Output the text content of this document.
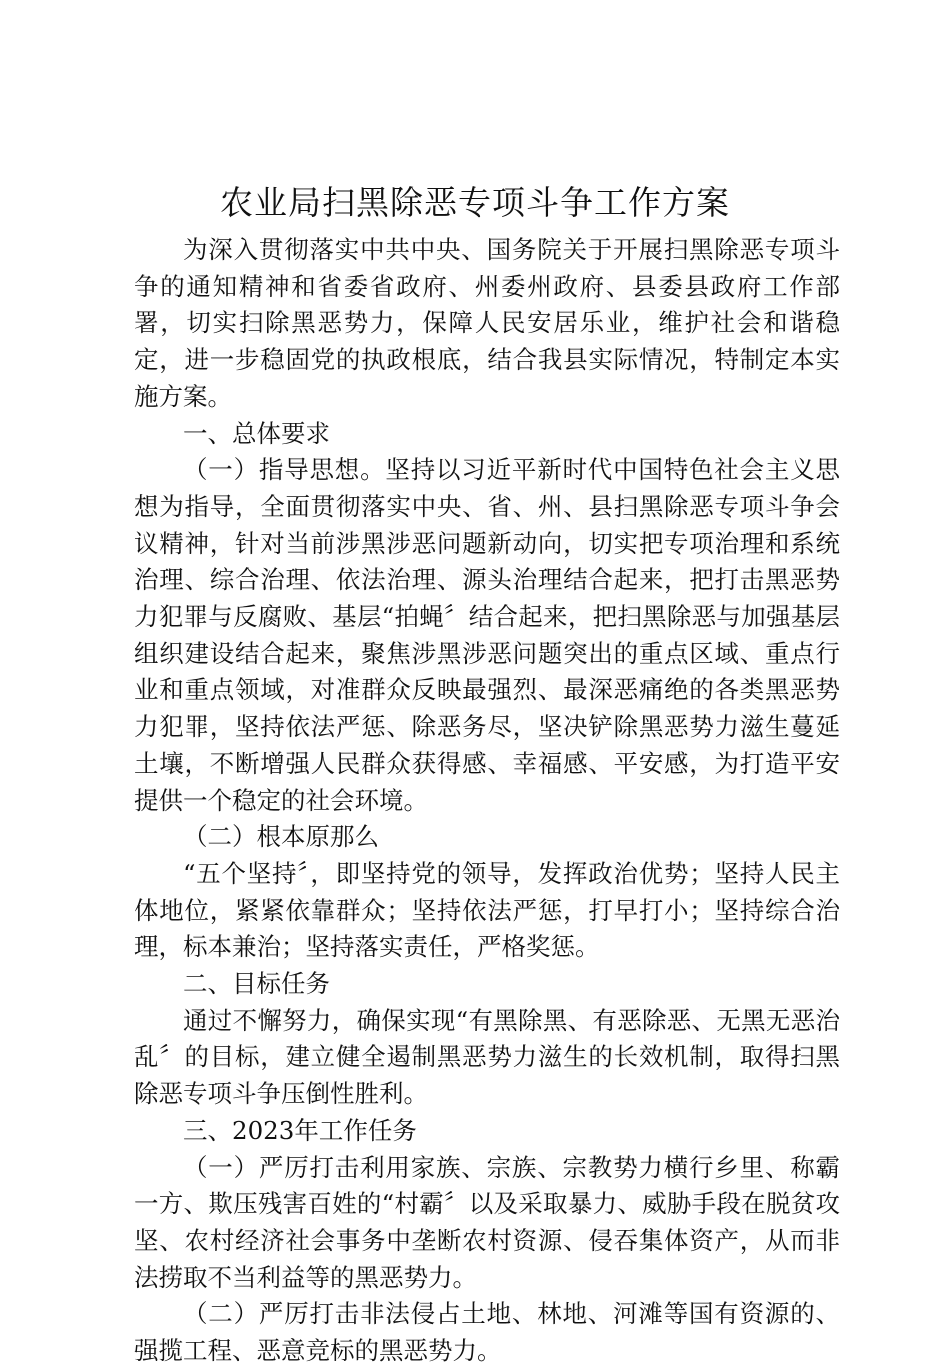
农业局扫黑除恶专项斗争工作方案

为深入贯彻落实中共中央、国务院关于开展扫黑除恶专项斗争的通知精神和省委省政府、州委州政府、县委县政府工作部署，切实扫除黑恶势力，保障人民安居乐业，维护社会和谐稳定，进一步稳固党的执政根底，结合我县实际情况，特制定本实施方案。

一、总体要求

（一）指导思想。坚持以习近平新时代中国特色社会主义思想为指导，全面贯彻落实中央、省、州、县扫黑除恶专项斗争会议精神，针对当前涉黑涉恶问题新动向，切实把专项治理和系统治理、综合治理、依法治理、源头治理结合起来，把打击黑恶势力犯罪与反腐败、基层“拍蝇〞结合起来，把扫黑除恶与加强基层组织建设结合起来，聚焦涉黑涉恶问题突出的重点区域、重点行业和重点领域，对准群众反映最强烈、最深恶痛绝的各类黑恶势力犯罪，坚持依法严惩、除恶务尽，坚决铲除黑恶势力滋生蔓延土壤，不断增强人民群众获得感、幸福感、平安感，为打造平安提供一个稳定的社会环境。

（二）根本原那么

“五个坚持〞，即坚持党的领导，发挥政治优势；坚持人民主体地位，紧紧依靠群众；坚持依法严惩，打早打小；坚持综合治理，标本兼治；坚持落实责任，严格奖惩。

二、目标任务

通过不懈努力，确保实现“有黑除黑、有恶除恶、无黑无恶治乱〞的目标，建立健全遏制黑恶势力滋生的长效机制，取得扫黑除恶专项斗争压倒性胜利。

三、2023年工作任务

（一）严厉打击利用家族、宗族、宗教势力横行乡里、称霸一方、欺压残害百姓的“村霸〞以及采取暴力、威胁手段在脱贫攻坚、农村经济社会事务中垄断农村资源、侵吞集体资产，从而非法捞取不当利益等的黑恶势力。

（二）严厉打击非法侵占土地、林地、河滩等国有资源的、强揽工程、恶意竞标的黑恶势力。
